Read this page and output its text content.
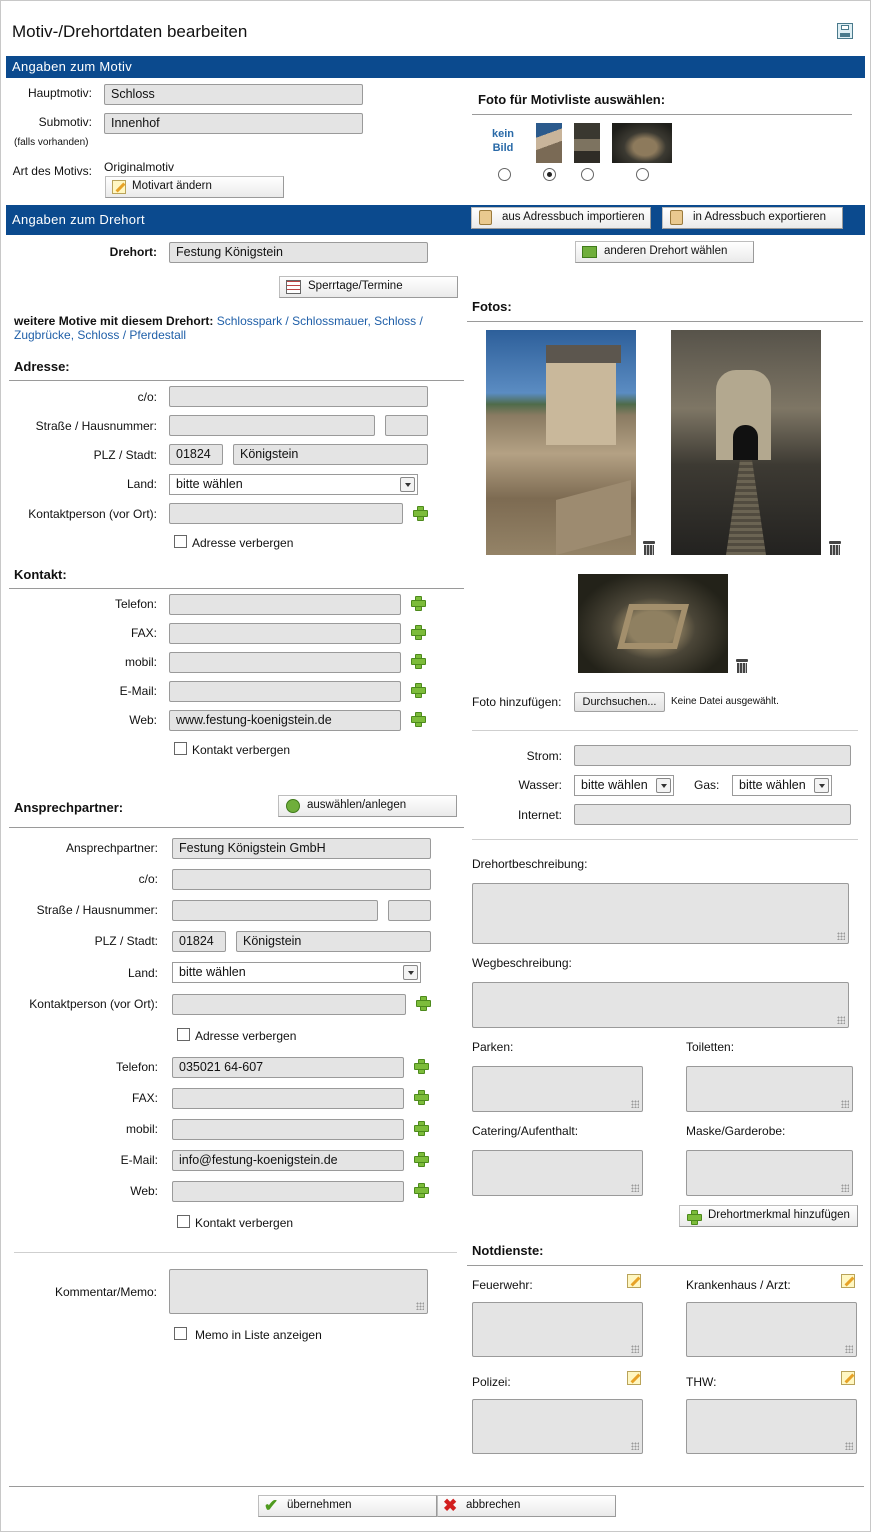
Motiv-/Drehortdaten bearbeiten
Angaben zum Motiv
Hauptmotiv:	Schloss
Submotiv:
(falls vorhanden)
Innenhof
Art des Motivs: Originalmotiv
Motivart ändern
Foto für Motivliste auswählen:
kein Bild
Angaben zum Drehort	aus Adressbuch importieren	in Adressbuch exportieren
Drehort:	Festung Königstein	anderen Drehort wählen
Sperrtage/Termine
weitere Motive mit diesem Drehort: Schlosspark / Schlossmauer, Schloss /
Zugbrücke, Schloss / Pferdestall
Adresse:
c/o:
Straße / Hausnummer:
PLZ / Stadt:	01824	Königstein
Land:	bitte wählen
Kontaktperson (vor Ort):
Adresse verbergen
Kontakt:
Telefon:
FAX:
mobil:
E-Mail:
Web:	www.festung-koenigstein.de
Kontakt verbergen
Ansprechpartner:	auswählen/anlegen
Ansprechpartner:	Festung Königstein GmbH
c/o:
Straße / Hausnummer:
PLZ / Stadt:	01824	Königstein
Land:	bitte wählen
Kontaktperson (vor Ort):
Adresse verbergen
Telefon:	035021 64-607
FAX:
mobil:
E-Mail:	info@festung-koenigstein.de
Web:
Kontakt verbergen
Kommentar/Memo:
Memo in Liste anzeigen
Fotos:
Foto hinzufügen:	Durchsuchen...	Keine Datei ausgewählt.
Strom:
Wasser:	bitte wählen	Gas:	bitte wählen
Internet:
Drehortbeschreibung:
Wegbeschreibung:
Parken:	Toiletten:
Catering/Aufenthalt:	Maske/Garderobe:
Drehortmerkmal hinzufügen
Notdienste:
Feuerwehr:	Krankenhaus / Arzt:
Polizei:	THW:
✔ übernehmen	✖ abbrechen
